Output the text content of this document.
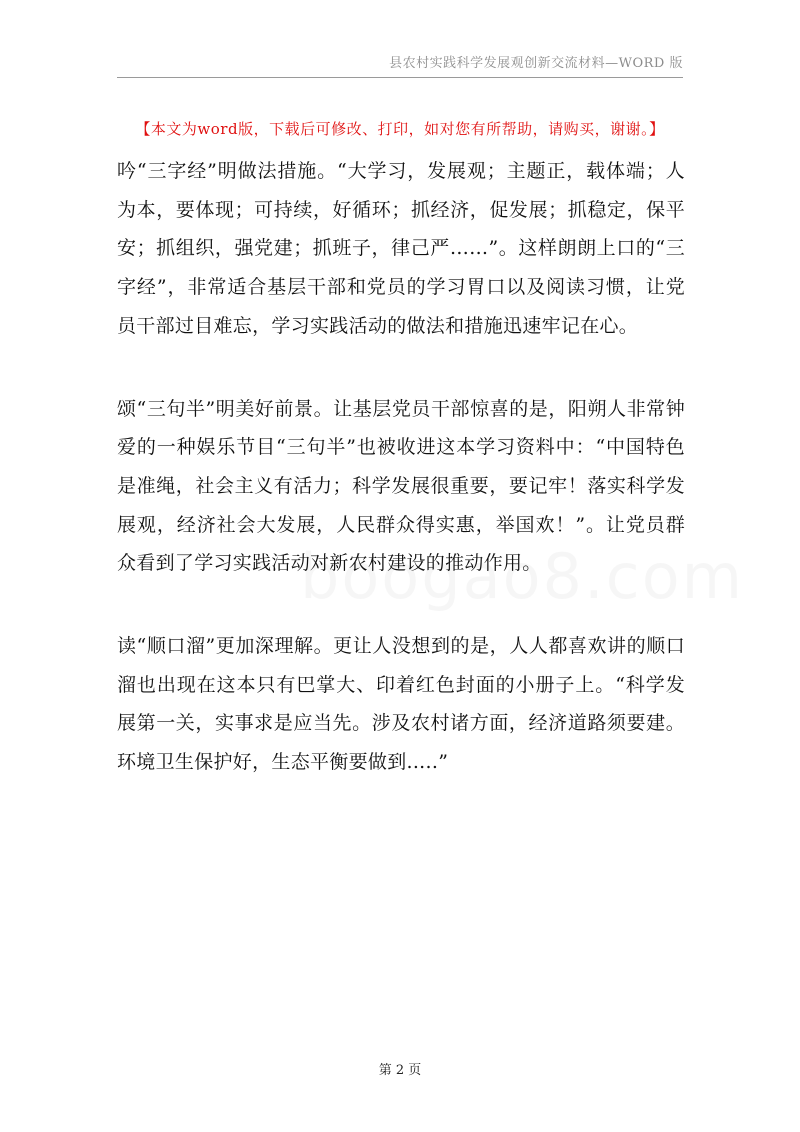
县农村实践科学发展观创新交流材料—WORD 版
【本文为word版，下载后可修改、打印，如对您有所帮助，请购买，谢谢。】

吟“三字经”明做法措施。“大学习，发展观；主题正，载体端；人为本，要体现；可持续，好循环；抓经济，促发展；抓稳定，保平安；抓组织，强党建；抓班子，律己严……”。这样朗朗上口的“三字经”，非常适合基层干部和党员的学习胃口以及阅读习惯，让党员干部过目难忘，学习实践活动的做法和措施迅速牢记在心。

颂“三句半”明美好前景。让基层党员干部惊喜的是，阳朔人非常钟爱的一种娱乐节目“三句半”也被收进这本学习资料中：“中国特色是准绳，社会主义有活力；科学发展很重要，要记牢！落实科学发展观，经济社会大发展，人民群众得实惠，举国欢！”。让党员群众看到了学习实践活动对新农村建设的推动作用。

读“顺口溜”更加深理解。更让人没想到的是，人人都喜欢讲的顺口溜也出现在这本只有巴掌大、印着红色封面的小册子上。“科学发展第一关，实事求是应当先。涉及农村诸方面，经济道路须要建。环境卫生保护好，生态平衡要做到.....”

第 2 页
